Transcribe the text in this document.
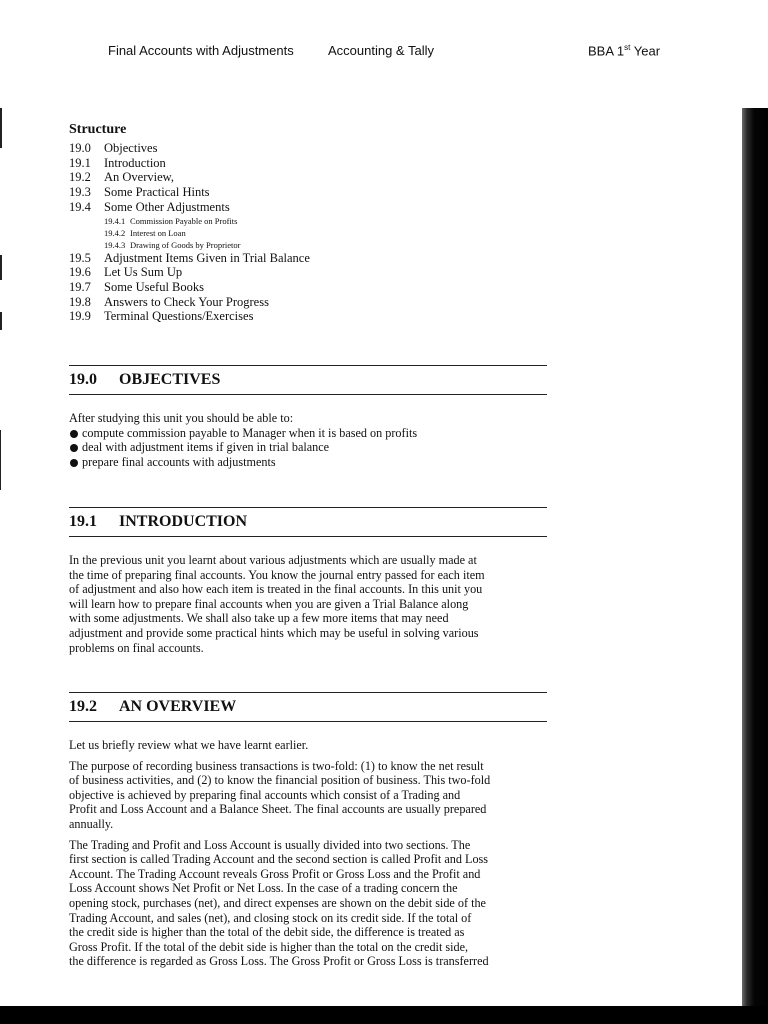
Final Accounts with Adjustments	Accounting & Tally	BBA 1st Year
Structure
19.0 Objectives
19.1 Introduction
19.2 An Overview,
19.3 Some Practical Hints
19.4 Some Other Adjustments
19.4.1 Commission Payable on Profits
19.4.2 Interest on Loan
19.4.3 Drawing of Goods by Proprietor
19.5 Adjustment Items Given in Trial Balance
19.6 Let Us Sum Up
19.7 Some Useful Books
19.8 Answers to Check Your Progress
19.9 Terminal Questions/Exercises
19.0 OBJECTIVES
After studying this unit you should be able to:
compute commission payable to Manager when it is based on profits
deal with adjustment items if given in trial balance
prepare final accounts with adjustments
19.1 INTRODUCTION
In the previous unit you learnt about various adjustments which are usually made at
the time of preparing final accounts. You know the journal entry passed for each item
of adjustment and also how each item is treated in the final accounts. In this unit you
will learn how to prepare final accounts when you are given a Trial Balance along
with some adjustments. We shall also take up a few more items that may need
adjustment and provide some practical hints which may be useful in solving various
problems on final accounts.
19.2 AN OVERVIEW

Let us briefly review what we have learnt earlier.

The purpose of recording business transactions is two-fold: (1) to know the net result
of business activities, and (2) to know the financial position of business. This two-fold
objective is achieved by preparing final accounts which consist of a Trading and
Profit and Loss Account and a Balance Sheet. The final accounts are usually prepared
annually.

The Trading and Profit and Loss Account is usually divided into two sections. The
first section is called Trading Account and the second section is called Profit and Loss
Account. The Trading Account reveals Gross Profit or Gross Loss and the Profit and
Loss Account shows Net Profit or Net Loss. In the case of a trading concern the
opening stock, purchases (net), and direct expenses are shown on the debit side of the
Trading Account, and sales (net), and closing stock on its credit side. If the total of
the credit side is higher than the total of the debit side, the difference is treated as
Gross Profit. If the total of the debit side is higher than the total on the credit side,
the difference is regarded as Gross Loss. The Gross Profit or Gross Loss is transferred
